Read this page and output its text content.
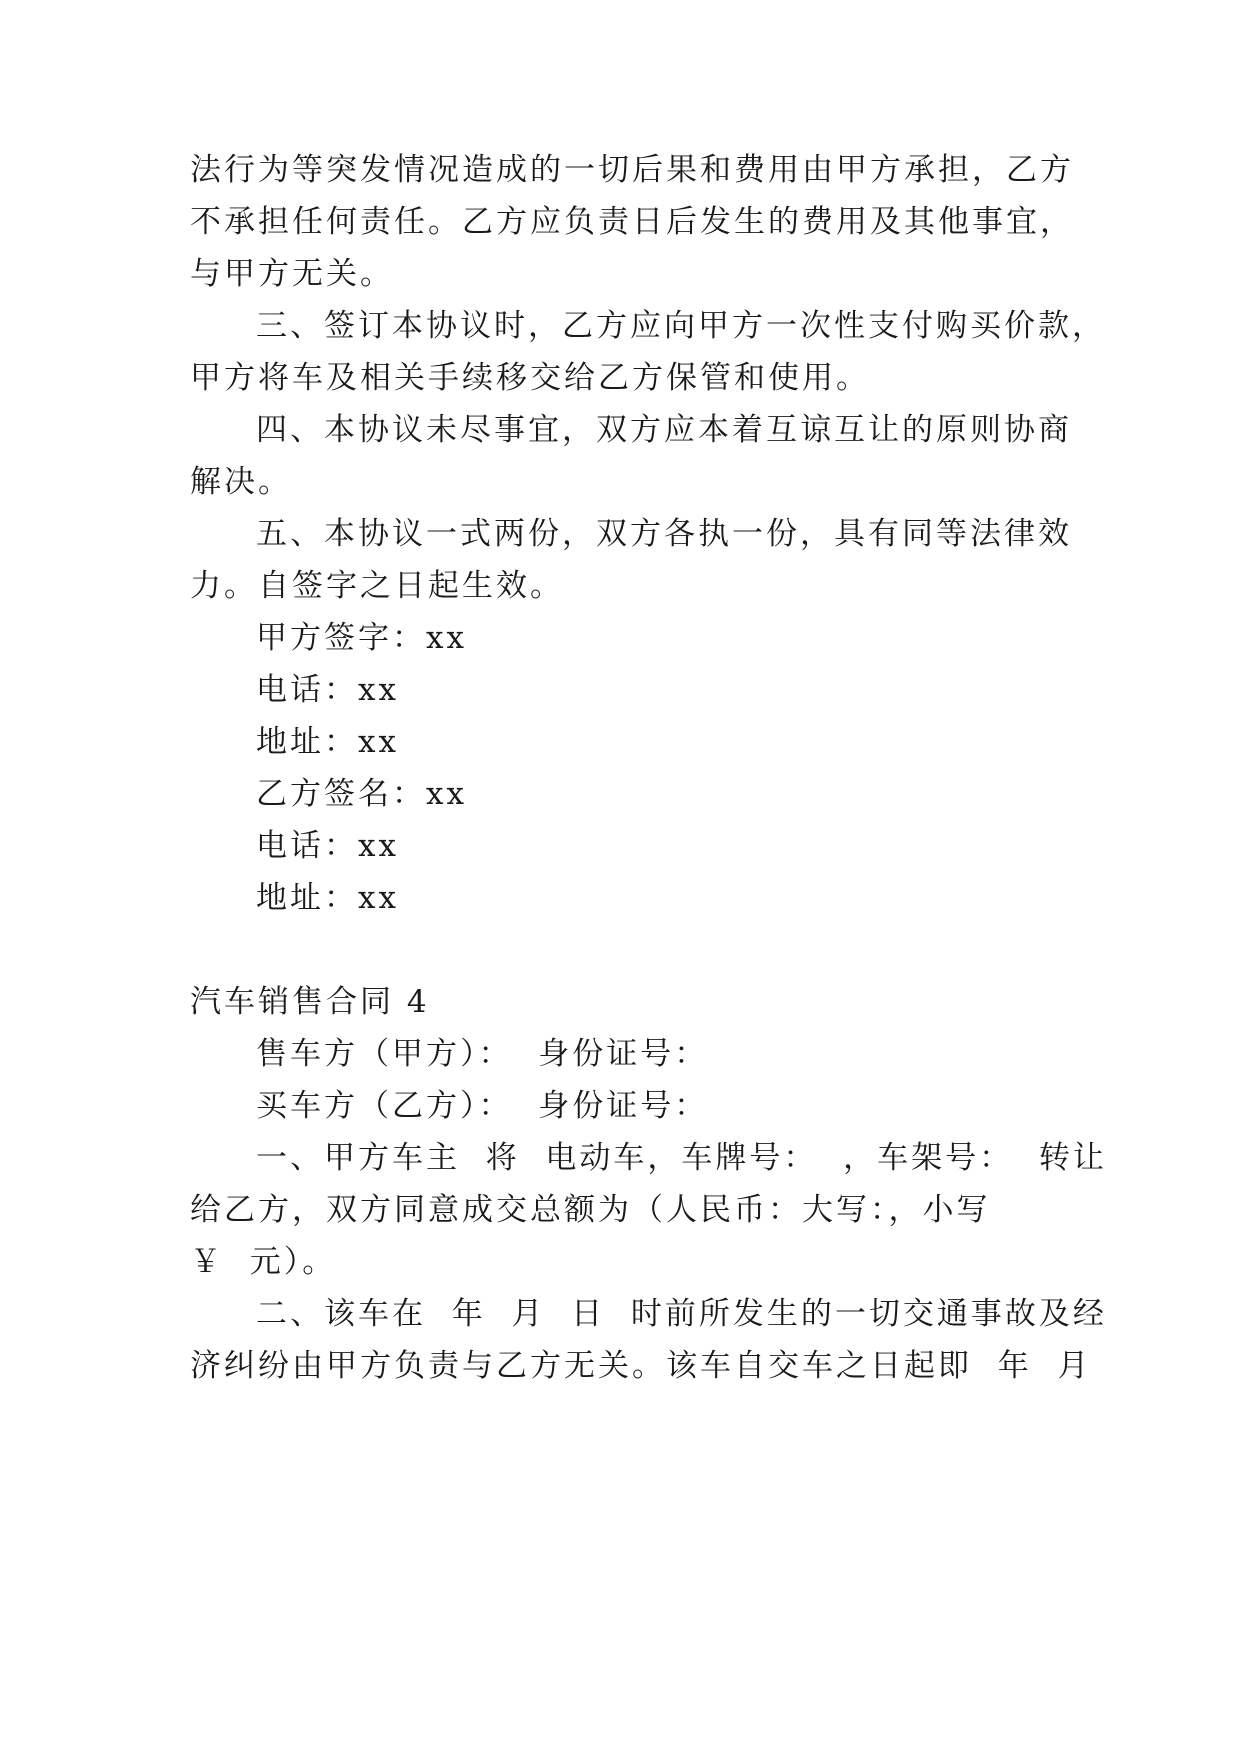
法行为等突发情况造成的一切后果和费用由甲方承担，乙方
不承担任何责任。乙方应负责日后发生的费用及其他事宜，
与甲方无关。
三、签订本协议时，乙方应向甲方一次性支付购买价款，
甲方将车及相关手续移交给乙方保管和使用。
四、本协议未尽事宜，双方应本着互谅互让的原则协商
解决。
五、本协议一式两份，双方各执一份，具有同等法律效
力。自签字之日起生效。
甲方签字：xx
电话：xx
地址：xx
乙方签名：xx
电话：xx
地址：xx
汽车销售合同 4
售车方（甲方）：  身份证号：
买车方（乙方）：  身份证号：
一、甲方车主  将  电动车，车牌号：  ，车架号：  转让
给乙方，双方同意成交总额为（人民币：大写：，小写
￥  元）。
二、该车在  年  月  日  时前所发生的一切交通事故及经
济纠纷由甲方负责与乙方无关。该车自交车之日起即  年  月
